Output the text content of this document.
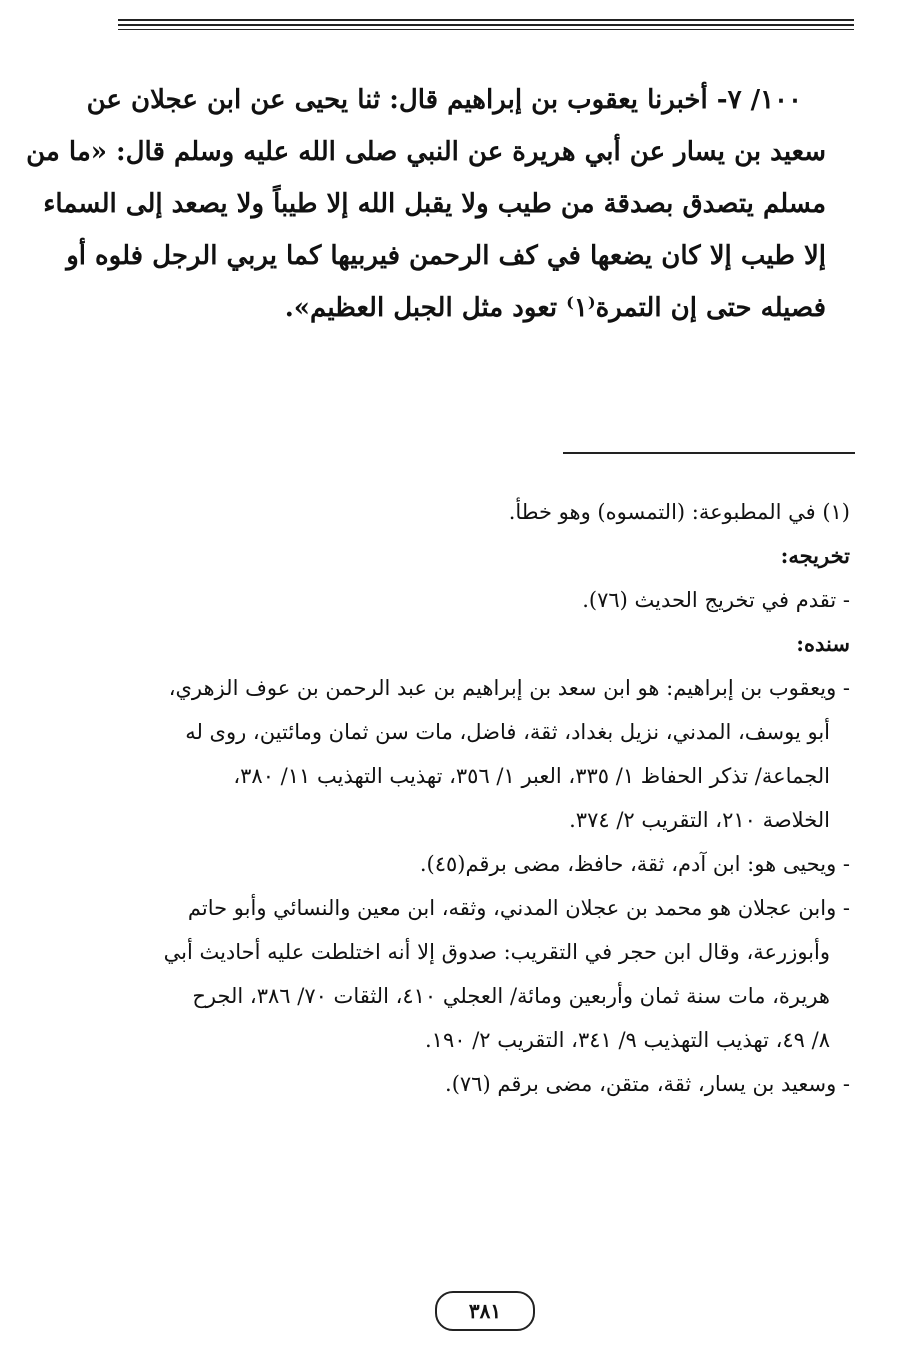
١٠٠/ ٧- أخبرنا يعقوب بن إبراهيم قال: ثنا يحيى عن ابن عجلان عن
سعيد بن يسار عن أبي هريرة عن النبي صلى الله عليه وسلم قال: «ما من
مسلم يتصدق بصدقة من طيب ولا يقبل الله إلا طيباً ولا يصعد إلى السماء
إلا طيب إلا كان يضعها في كف الرحمن فيربيها كما يربي الرجل فلوه أو
فصيله حتى إن التمرة⁽١⁾ تعود مثل الجبل العظيم».
(١) في المطبوعة: (التمسوه) وهو خطأ.
تخريجه:
- تقدم في تخريج الحديث (٧٦).
سنده:
- ويعقوب بن إبراهيم: هو ابن سعد بن إبراهيم بن عبد الرحمن بن عوف الزهري،
أبو يوسف، المدني، نزيل بغداد، ثقة، فاضل، مات سن ثمان ومائتين، روى له
الجماعة/ تذكر الحفاظ ١/ ٣٣٥، العبر ١/ ٣٥٦، تهذيب التهذيب ١١/ ٣٨٠،
الخلاصة ٢١٠، التقريب ٢/ ٣٧٤.
- ويحيى هو: ابن آدم، ثقة، حافظ، مضى برقم(٤٥).
- وابن عجلان هو محمد بن عجلان المدني، وثقه، ابن معين والنسائي وأبو حاتم
وأبوزرعة، وقال ابن حجر في التقريب: صدوق إلا أنه اختلطت عليه أحاديث أبي
هريرة، مات سنة ثمان وأربعين ومائة/ العجلي ٤١٠، الثقات ٧٠/ ٣٨٦، الجرح
٨/ ٤٩، تهذيب التهذيب ٩/ ٣٤١، التقريب ٢/ ١٩٠.
- وسعيد بن يسار، ثقة، متقن، مضى برقم (٧٦).
٣٨١
